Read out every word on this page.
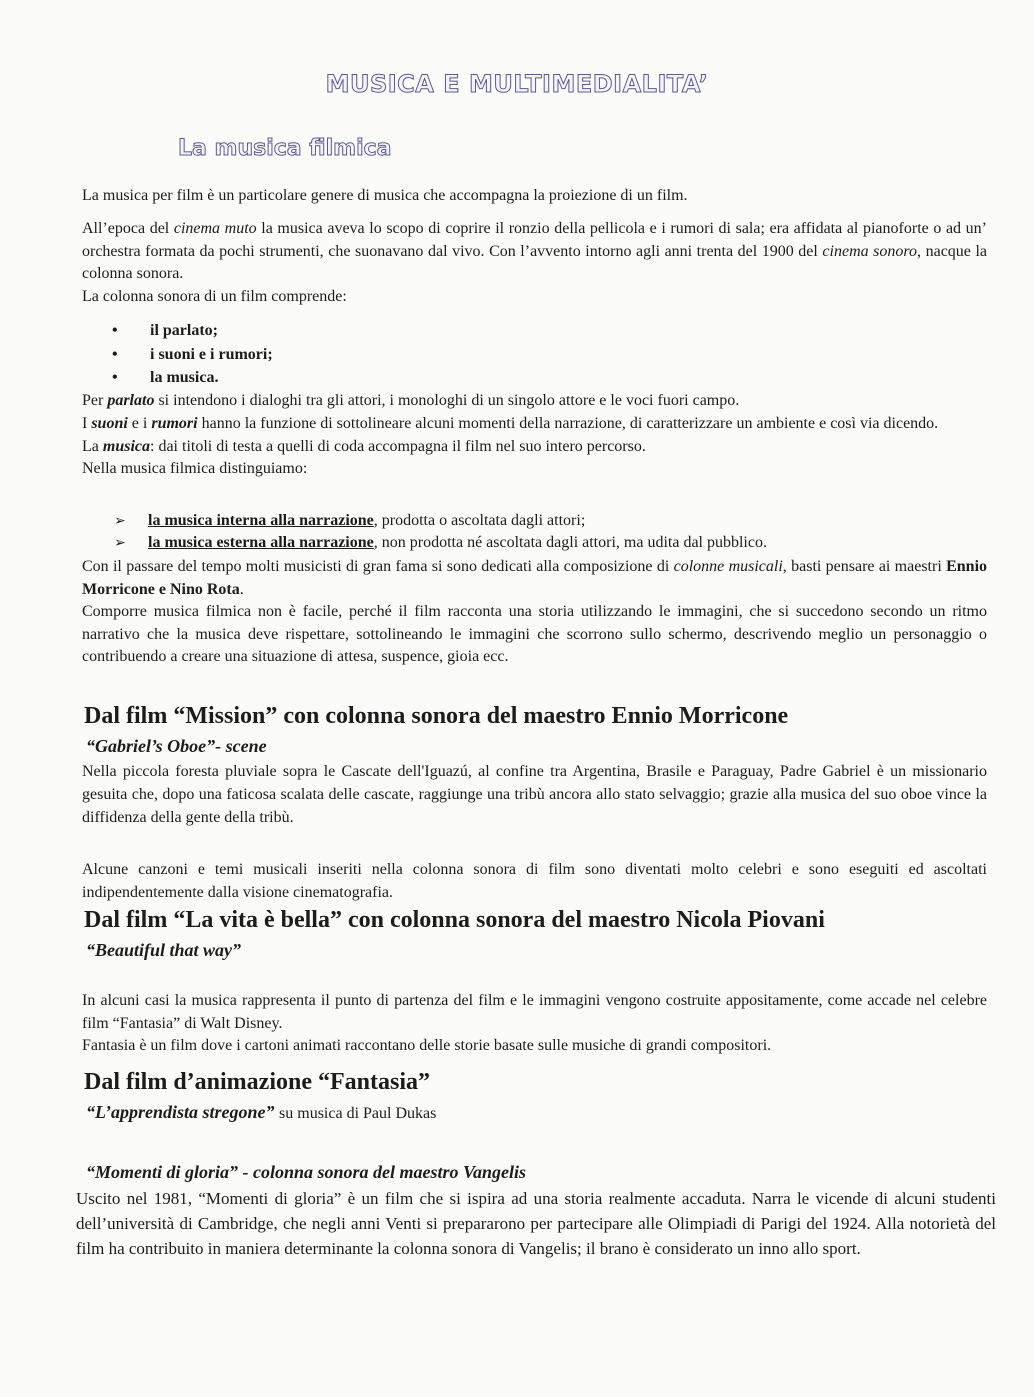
MUSICA E MULTIMEDIALITA’
La musica filmica

La musica per film è un particolare genere di musica che accompagna la proiezione di un film.

All’epoca del cinema muto la musica aveva lo scopo di coprire il ronzio della pellicola e i rumori di sala; era affidata al pianoforte o ad un’ orchestra formata da pochi strumenti, che suonavano dal vivo. Con l’avvento intorno agli anni trenta del 1900 del cinema sonoro, nacque la colonna sonora.

La colonna sonora di un film comprende:

• il parlato;
• i suoni e i rumori;
• la musica.

Per parlato si intendono i dialoghi tra gli attori, i monologhi di un singolo attore e le voci fuori campo.

I suoni e i rumori hanno la funzione di sottolineare alcuni momenti della narrazione, di caratterizzare un ambiente e così via dicendo.

La musica: dai titoli di testa a quelli di coda accompagna il film nel suo intero percorso.

Nella musica filmica distinguiamo:

➢ la musica interna alla narrazione, prodotta o ascoltata dagli attori;
➢ la musica esterna alla narrazione, non prodotta né ascoltata dagli attori, ma udita dal pubblico.

Con il passare del tempo molti musicisti di gran fama si sono dedicati alla composizione di colonne musicali, basti pensare ai maestri Ennio Morricone e Nino Rota.

Comporre musica filmica non è facile, perché il film racconta una storia utilizzando le immagini, che si succedono secondo un ritmo narrativo che la musica deve rispettare, sottolineando le immagini che scorrono sullo schermo, descrivendo meglio un personaggio o contribuendo a creare una situazione di attesa, suspence, gioia ecc.

Dal film “Mission” con colonna sonora del maestro Ennio Morricone
“Gabriel’s Oboe”- scene

Nella piccola foresta pluviale sopra le Cascate dell'Iguazú, al confine tra Argentina, Brasile e Paraguay, Padre Gabriel è un missionario gesuita che, dopo una faticosa scalata delle cascate, raggiunge una tribù ancora allo stato selvaggio; grazie alla musica del suo oboe vince la diffidenza della gente della tribù.

Alcune canzoni e temi musicali inseriti nella colonna sonora di film sono diventati molto celebri e sono eseguiti ed ascoltati indipendentemente dalla visione cinematografia.

Dal film “La vita è bella” con colonna sonora del maestro Nicola Piovani
“Beautiful that way”

In alcuni casi la musica rappresenta il punto di partenza del film e le immagini vengono costruite appositamente, come accade nel celebre film “Fantasia” di Walt Disney.

Fantasia è un film dove i cartoni animati raccontano delle storie basate sulle musiche di grandi compositori.

Dal film d’animazione “Fantasia”
“L’apprendista stregone” su musica di Paul Dukas
“Momenti di gloria” - colonna sonora del maestro Vangelis

Uscito nel 1981, “Momenti di gloria” è un film che si ispira ad una storia realmente accaduta. Narra le vicende di alcuni studenti dell’università di Cambridge, che negli anni Venti si prepararono per partecipare alle Olimpiadi di Parigi del 1924. Alla notorietà del film ha contribuito in maniera determinante la colonna sonora di Vangelis; il brano è considerato un inno allo sport.
